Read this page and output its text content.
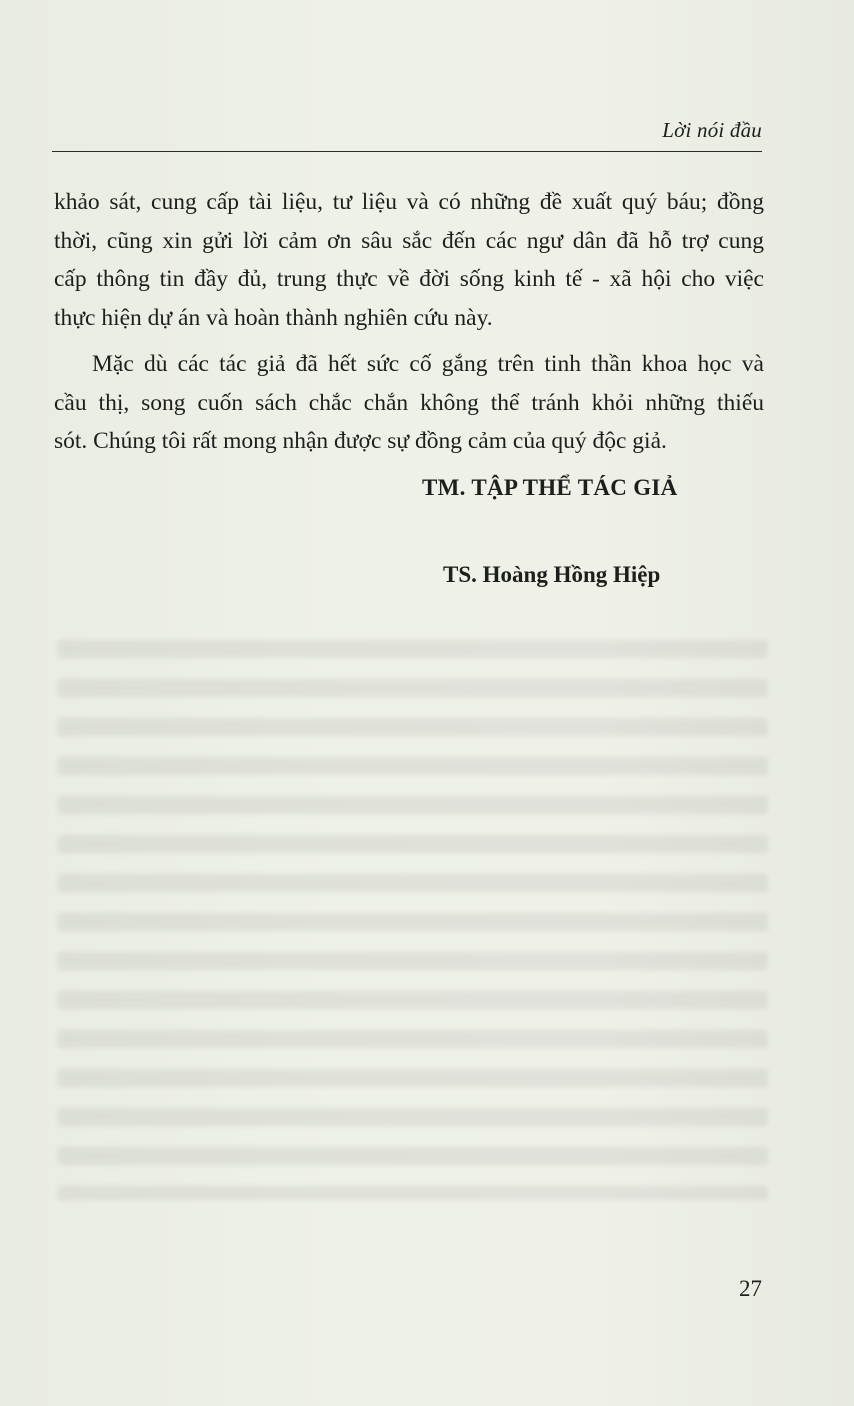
Lời nói đầu
khảo sát, cung cấp tài liệu, tư liệu và có những đề xuất quý báu; đồng
thời, cũng xin gửi lời cảm ơn sâu sắc đến các ngư dân đã hỗ trợ cung
cấp thông tin đầy đủ, trung thực về đời sống kinh tế - xã hội cho việc
thực hiện dự án và hoàn thành nghiên cứu này.
Mặc dù các tác giả đã hết sức cố gắng trên tinh thần khoa học và
cầu thị, song cuốn sách chắc chắn không thể tránh khỏi những thiếu
sót. Chúng tôi rất mong nhận được sự đồng cảm của quý độc giả.
TM. TẬP THỂ TÁC GIẢ
TS. Hoàng Hồng Hiệp
27
